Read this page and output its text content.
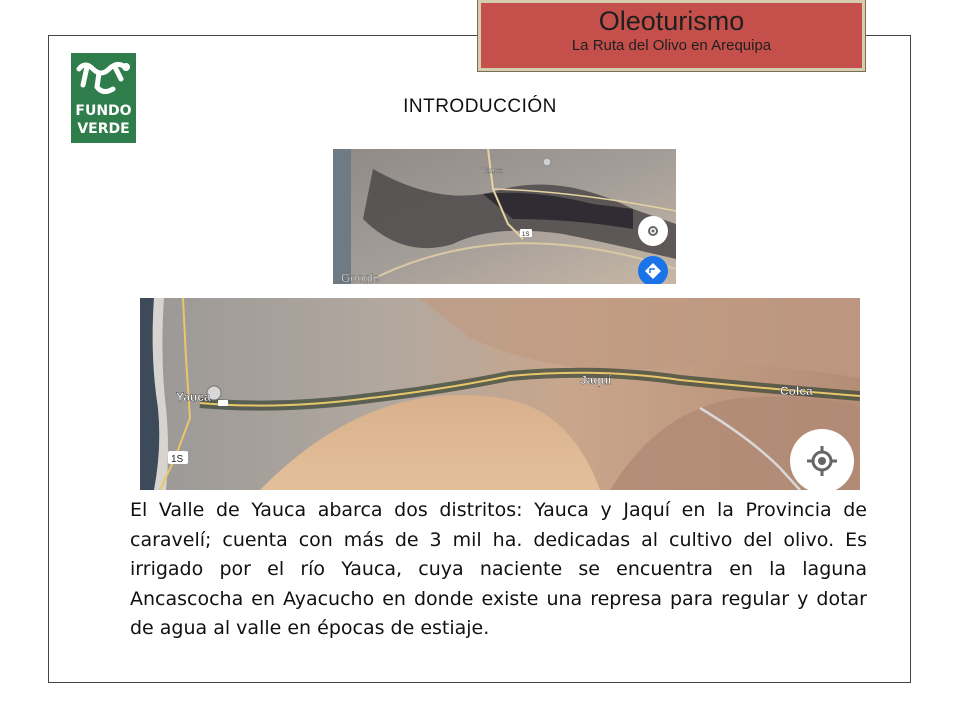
Oleoturismo
La Ruta del Olivo en Arequipa
FUNDO
VERDE
INTRODUCCIÓN
Yauca
1S
Google
Yauca
Jaquí
Colca
1S

El Valle de Yauca abarca dos distritos: Yauca y Jaquí en la Provincia de caravelí; cuenta con más de 3 mil ha. dedicadas al cultivo del olivo. Es irrigado por el río Yauca, cuya naciente se encuentra en la laguna Ancascocha en Ayacucho en donde existe una represa para regular y dotar de agua al valle en épocas de estiaje.
